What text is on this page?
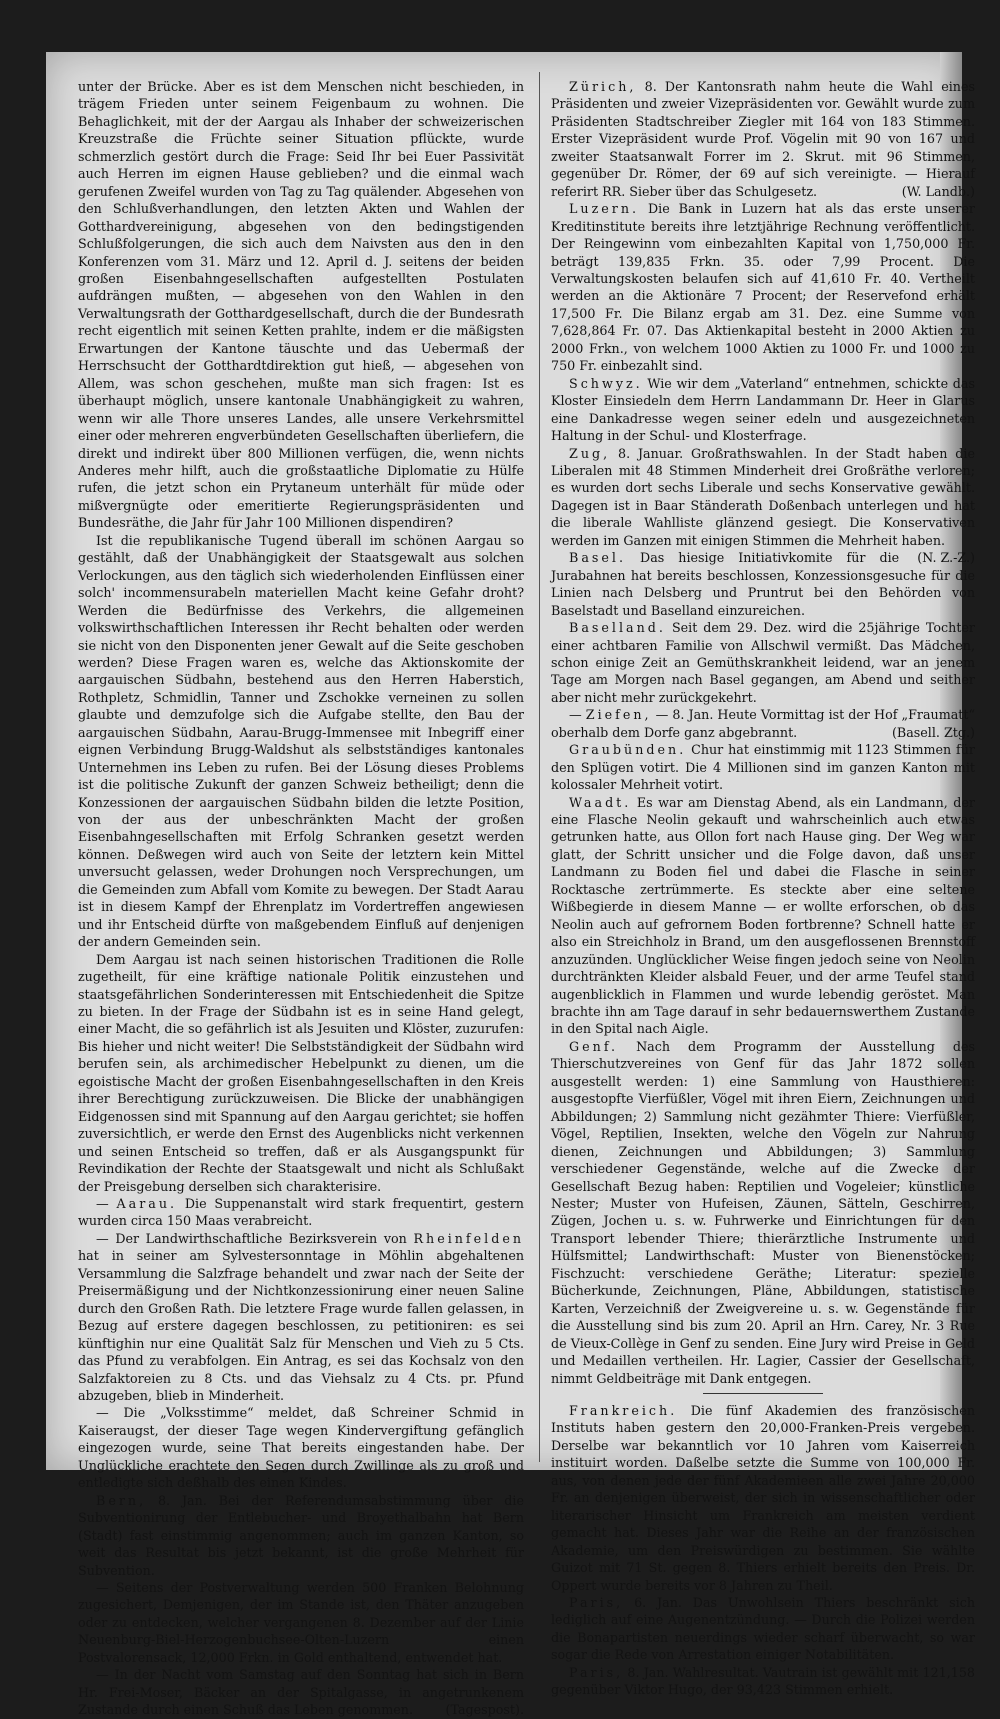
unter der Brücke. Aber es ist dem Menschen nicht beschieden, in trägem Frieden unter seinem Feigenbaum zu wohnen. Die Behaglichkeit, mit der der Aargau als Inhaber der schweizerischen Kreuzstraße die Früchte seiner Situation pflückte, wurde schmerzlich gestört durch die Frage: Seid Ihr bei Euer Passivität auch Herren im eignen Hause geblieben? und die einmal wach gerufenen Zweifel wurden von Tag zu Tag quälender. Abgesehen von den Schlußverhandlungen, den letzten Akten und Wahlen der Gotthardvereinigung, abgesehen von den bedingstigenden Schlußfolgerungen, die sich auch dem Naivsten aus den in den Konferenzen vom 31. März und 12. April d. J. seitens der beiden großen Eisenbahngesellschaften aufgestellten Postulaten aufdrängen mußten, — abgesehen von den Wahlen in den Verwaltungsrath der Gotthardgesellschaft, durch die der Bundesrath recht eigentlich mit seinen Ketten prahlte, indem er die mäßigsten Erwartungen der Kantone täuschte und das Uebermaß der Herrschsucht der Gotthardtdirektion gut hieß, — abgesehen von Allem, was schon geschehen, mußte man sich fragen: Ist es überhaupt möglich, unsere kantonale Unabhängigkeit zu wahren, wenn wir alle Thore unseres Landes, alle unsere Verkehrsmittel einer oder mehreren engverbündeten Gesellschaften überliefern, die direkt und indirekt über 800 Millionen verfügen, die, wenn nichts Anderes mehr hilft, auch die großstaatliche Diplomatie zu Hülfe rufen, die jetzt schon ein Prytaneum unterhält für müde oder mißvergnügte oder emeritierte Regierungspräsidenten und Bundesräthe, die Jahr für Jahr 100 Millionen dispendiren?

Ist die republikanische Tugend überall im schönen Aargau so gestählt, daß der Unabhängigkeit der Staatsgewalt aus solchen Verlockungen, aus den täglich sich wiederholenden Einflüssen einer solch' incommensurabeln materiellen Macht keine Gefahr droht? Werden die Bedürfnisse des Verkehrs, die allgemeinen volkswirthschaftlichen Interessen ihr Recht behalten oder werden sie nicht von den Disponenten jener Gewalt auf die Seite geschoben werden? Diese Fragen waren es, welche das Aktionskomite der aargauischen Südbahn, bestehend aus den Herren Haberstich, Rothpletz, Schmidlin, Tanner und Zschokke verneinen zu sollen glaubte und demzufolge sich die Aufgabe stellte, den Bau der aargauischen Südbahn, Aarau-Brugg-Immensee mit Inbegriff einer eignen Verbindung Brugg-Waldshut als selbstständiges kantonales Unternehmen ins Leben zu rufen. Bei der Lösung dieses Problems ist die politische Zukunft der ganzen Schweiz betheiligt; denn die Konzessionen der aargauischen Südbahn bilden die letzte Position, von der aus der unbeschränkten Macht der großen Eisenbahngesellschaften mit Erfolg Schranken gesetzt werden können. Deßwegen wird auch von Seite der letztern kein Mittel unversucht gelassen, weder Drohungen noch Versprechungen, um die Gemeinden zum Abfall vom Komite zu bewegen. Der Stadt Aarau ist in diesem Kampf der Ehrenplatz im Vordertreffen angewiesen und ihr Entscheid dürfte von maßgebendem Einfluß auf denjenigen der andern Gemeinden sein.

Dem Aargau ist nach seinen historischen Traditionen die Rolle zugetheilt, für eine kräftige nationale Politik einzustehen und staatsgefährlichen Sonderinteressen mit Entschiedenheit die Spitze zu bieten. In der Frage der Südbahn ist es in seine Hand gelegt, einer Macht, die so gefährlich ist als Jesuiten und Klöster, zuzurufen: Bis hieher und nicht weiter! Die Selbstständigkeit der Südbahn wird berufen sein, als archimedischer Hebelpunkt zu dienen, um die egoistische Macht der großen Eisenbahngesellschaften in den Kreis ihrer Berechtigung zurückzuweisen. Die Blicke der unabhängigen Eidgenossen sind mit Spannung auf den Aargau gerichtet; sie hoffen zuversichtlich, er werde den Ernst des Augenblicks nicht verkennen und seinen Entscheid so treffen, daß er als Ausgangspunkt für Revindikation der Rechte der Staatsgewalt und nicht als Schlußakt der Preisgebung derselben sich charakterisire.

— Aarau. Die Suppenanstalt wird stark frequentirt, gestern wurden circa 150 Maas verabreicht.

— Der Landwirthschaftliche Bezirksverein von Rheinfelden hat in seiner am Sylvestersonntage in Möhlin abgehaltenen Versammlung die Salzfrage behandelt und zwar nach der Seite der Preisermäßigung und der Nichtkonzessionirung einer neuen Saline durch den Großen Rath. Die letztere Frage wurde fallen gelassen, in Bezug auf erstere dagegen beschlossen, zu petitioniren: es sei künftighin nur eine Qualität Salz für Menschen und Vieh zu 5 Cts. das Pfund zu verabfolgen. Ein Antrag, es sei das Kochsalz von den Salzfaktoreien zu 8 Cts. und das Viehsalz zu 4 Cts. pr. Pfund abzugeben, blieb in Minderheit.

— Die „Volksstimme“ meldet, daß Schreiner Schmid in Kaiseraugst, der dieser Tage wegen Kindervergiftung gefänglich eingezogen wurde, seine That bereits eingestanden habe. Der Unglückliche erachtete den Segen durch Zwillinge als zu groß und entledigte sich deßhalb des einen Kindes.

Bern, 8. Jan. Bei der Referendumsabstimmung über die Subventionirung der Entlebucher- und Broyethalbahn hat Bern (Stadt) fast einstimmig angenommen; auch im ganzen Kanton, so weit das Resultat bis jetzt bekannt, ist die große Mehrheit für Subvention.

— Seitens der Postverwaltung werden 500 Franken Belohnung zugesichert, Demjenigen, der im Stande ist, den Thäter anzugeben oder zu entdecken, welcher vergangenen 8. Dezember auf der Linie Neuenburg-Biel-Herzogenbuchsee-Olten-Luzern einen Postvalorensack, 12,000 Frkn. in Gold enthaltend, entwendet hat.

— In der Nacht vom Samstag auf den Sonntag hat sich in Bern Hr. Frei-Moser, Bäcker an der Spitalgasse, in angetrunkenem Zustande durch einen Schuß das Leben genommen.	(Tagespost).

Zürich, 8. Der Kantonsrath nahm heute die Wahl eines Präsidenten und zweier Vizepräsidenten vor. Gewählt wurde zum Präsidenten Stadtschreiber Ziegler mit 164 von 183 Stimmen. Erster Vizepräsident wurde Prof. Vögelin mit 90 von 167 und zweiter Staatsanwalt Forrer im 2. Skrut. mit 96 Stimmen, gegenüber Dr. Römer, der 69 auf sich vereinigte. — Hierauf referirt RR. Sieber über das Schulgesetz.	(W. Landb.)

Luzern. Die Bank in Luzern hat als das erste unserer Kreditinstitute bereits ihre letztjährige Rechnung veröffentlicht. Der Reingewinn vom einbezahlten Kapital von 1,750,000 Fr. beträgt 139,835 Frkn. 35. oder 7,99 Procent. Die Verwaltungskosten belaufen sich auf 41,610 Fr. 40. Vertheilt werden an die Aktionäre 7 Procent; der Reservefond erhält 17,500 Fr. Die Bilanz ergab am 31. Dez. eine Summe von 7,628,864 Fr. 07. Das Aktienkapital besteht in 2000 Aktien zu 2000 Frkn., von welchem 1000 Aktien zu 1000 Fr. und 1000 zu 750 Fr. einbezahlt sind.

Schwyz. Wie wir dem „Vaterland“ entnehmen, schickte das Kloster Einsiedeln dem Herrn Landammann Dr. Heer in Glarus eine Dankadresse wegen seiner edeln und ausgezeichneten Haltung in der Schul- und Klosterfrage.

Zug, 8. Januar. Großrathswahlen. In der Stadt haben die Liberalen mit 48 Stimmen Minderheit drei Großräthe verloren; es wurden dort sechs Liberale und sechs Konservative gewählt. Dagegen ist in Baar Ständerath Doßenbach unterlegen und hat die liberale Wahlliste glänzend gesiegt. Die Konservativen werden im Ganzen mit einigen Stimmen die Mehrheit haben.
(N. Z.-Z.)

Basel. Das hiesige Initiativkomite für die Jurabahnen hat bereits beschlossen, Konzessionsgesuche für die Linien nach Delsberg und Pruntrut bei den Behörden von Baselstadt und Baselland einzureichen.

Baselland. Seit dem 29. Dez. wird die 25jährige Tochter einer achtbaren Familie von Allschwil vermißt. Das Mädchen, schon einige Zeit an Gemüthskrankheit leidend, war an jenem Tage am Morgen nach Basel gegangen, am Abend und seither aber nicht mehr zurückgekehrt.

— Ziefen, — 8. Jan. Heute Vormittag ist der Hof „Fraumatt“ oberhalb dem Dorfe ganz abgebrannt.	(Basell. Ztg.)

Graubünden. Chur hat einstimmig mit 1123 Stimmen für den Splügen votirt. Die 4 Millionen sind im ganzen Kanton mit kolossaler Mehrheit votirt.

Waadt. Es war am Dienstag Abend, als ein Landmann, der eine Flasche Neolin gekauft und wahrscheinlich auch etwas getrunken hatte, aus Ollon fort nach Hause ging. Der Weg war glatt, der Schritt unsicher und die Folge davon, daß unser Landmann zu Boden fiel und dabei die Flasche in seiner Rocktasche zertrümmerte. Es steckte aber eine seltene Wißbegierde in diesem Manne — er wollte erforschen, ob das Neolin auch auf gefrornem Boden fortbrenne? Schnell hatte er also ein Streichholz in Brand, um den ausgeflossenen Brennstoff anzuzünden. Unglücklicher Weise fingen jedoch seine von Neolin durchtränkten Kleider alsbald Feuer, und der arme Teufel stand augenblicklich in Flammen und wurde lebendig geröstet. Man brachte ihn am Tage darauf in sehr bedauernswerthem Zustande in den Spital nach Aigle.

Genf. Nach dem Programm der Ausstellung des Thierschutzvereines von Genf für das Jahr 1872 sollen ausgestellt werden: 1) eine Sammlung von Hausthieren: ausgestopfte Vierfüßler, Vögel mit ihren Eiern, Zeichnungen und Abbildungen; 2) Sammlung nicht gezähmter Thiere: Vierfüßler, Vögel, Reptilien, Insekten, welche den Vögeln zur Nahrung dienen, Zeichnungen und Abbildungen; 3) Sammlung verschiedener Gegenstände, welche auf die Zwecke der Gesellschaft Bezug haben: Reptilien und Vogeleier; künstliche Nester; Muster von Hufeisen, Zäunen, Sätteln, Geschirren, Zügen, Jochen u. s. w. Fuhrwerke und Einrichtungen für den Transport lebender Thiere; thierärztliche Instrumente und Hülfsmittel; Landwirthschaft: Muster von Bienenstöcken; Fischzucht: verschiedene Geräthe; Literatur: spezielle Bücherkunde, Zeichnungen, Pläne, Abbildungen, statistische Karten, Verzeichniß der Zweigvereine u. s. w. Gegenstände für die Ausstellung sind bis zum 20. April an Hrn. Carey, Nr. 3 Rue de Vieux-Collège in Genf zu senden. Eine Jury wird Preise in Geld und Medaillen vertheilen. Hr. Lagier, Cassier der Gesellschaft, nimmt Geldbeiträge mit Dank entgegen.

Frankreich. Die fünf Akademien des französischen Instituts haben gestern den 20,000-Franken-Preis vergeben. Derselbe war bekanntlich vor 10 Jahren vom Kaiserreich instituirt worden. Daßelbe setzte die Summe von 100,000 Fr. aus, von denen jede der fünf Akademieen alle zwei Jahre 20,000 Fr. an denjenigen überweist, der sich in wissenschaftlicher oder literarischer Hinsicht um Frankreich am meisten verdient gemacht hat. Dieses Jahr war die Reihe an der französischen Akademie, um den Preiswürdigen zu bestimmen. Sie wählte Guizot mit 71 St. gegen 8. Thiers erhielt bereits den Preis. Dr. Oppert wurde bereits vor 8 Jahren zu Theil.

Paris, 6. Jan. Das Unwohlsein Thiers beschränkt sich lediglich auf eine Augenentzündung. — Durch die Polizei werden die Bonapartisten neuerdings wieder scharf überwacht, so war sogar die Rede von Arrestation einiger Notabilitäten.

Paris, 8. Jan. Wahlresultat. Vautrain ist gewählt mit 121,158 gegenüber Viktor Hugo, der 93,423 Stimmen erhielt.
